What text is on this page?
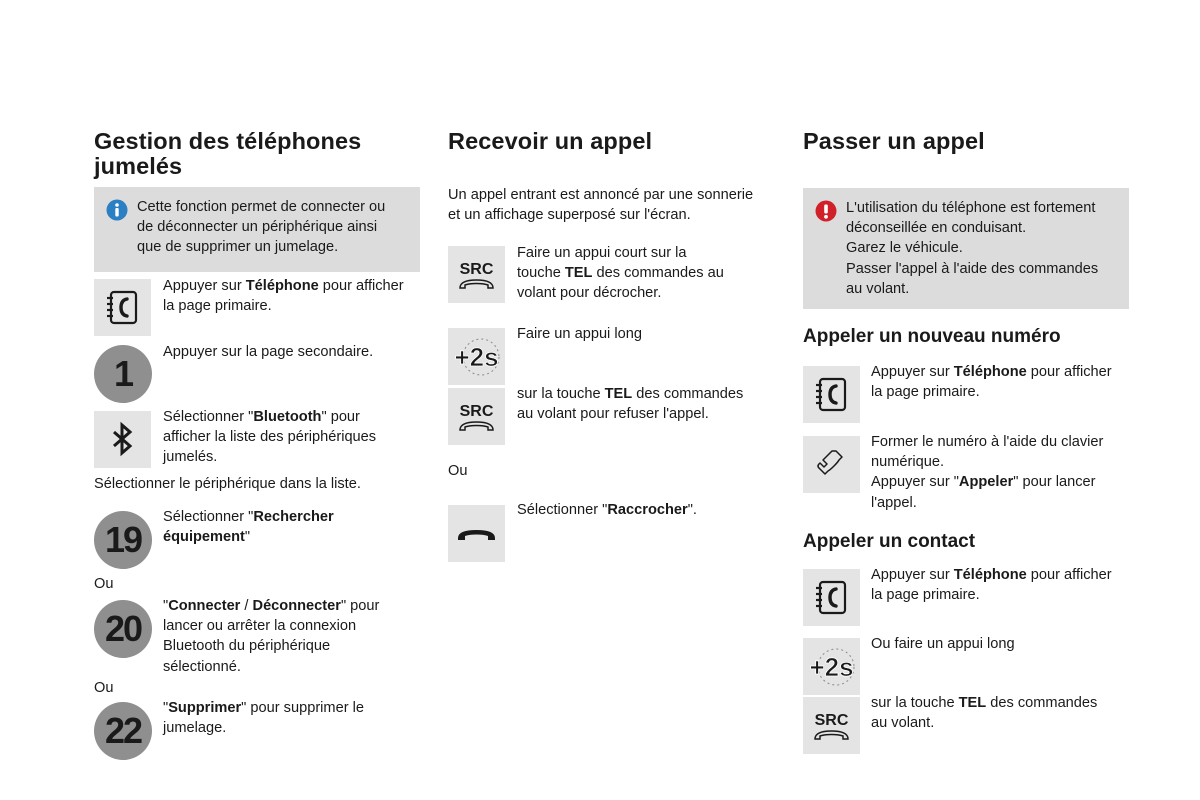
Gestion des téléphones
jumelés
Cette fonction permet de connecter ou
de déconnecter un périphérique ainsi
que de supprimer un jumelage.
Appuyer sur Téléphone pour afficher
la page primaire.
1
Appuyer sur la page secondaire.
Sélectionner "Bluetooth" pour
afficher la liste des périphériques
jumelés.
Sélectionner le périphérique dans la liste.
19
Sélectionner "Rechercher
équipement"
Ou
20
"Connecter / Déconnecter" pour
lancer ou arrêter la connexion
Bluetooth du périphérique
sélectionné.
Ou
22
"Supprimer" pour supprimer le
jumelage.
Recevoir un appel
Un appel entrant est annoncé par une sonnerie
et un affichage superposé sur l'écran.
SRC
Faire un appui court sur la
touche TEL des commandes au
volant pour décrocher.
+2s
Faire un appui long
SRC
sur la touche TEL des commandes
au volant pour refuser l'appel.
Ou
Sélectionner "Raccrocher".
Passer un appel
L'utilisation du téléphone est fortement
déconseillée en conduisant.
Garez le véhicule.
Passer l'appel à l'aide des commandes
au volant.
Appeler un nouveau numéro
Appuyer sur Téléphone pour afficher
la page primaire.
Former le numéro à l'aide du clavier
numérique.
Appuyer sur "Appeler" pour lancer
l'appel.
Appeler un contact
Appuyer sur Téléphone pour afficher
la page primaire.
+2s
Ou faire un appui long
SRC
sur la touche TEL des commandes
au volant.
